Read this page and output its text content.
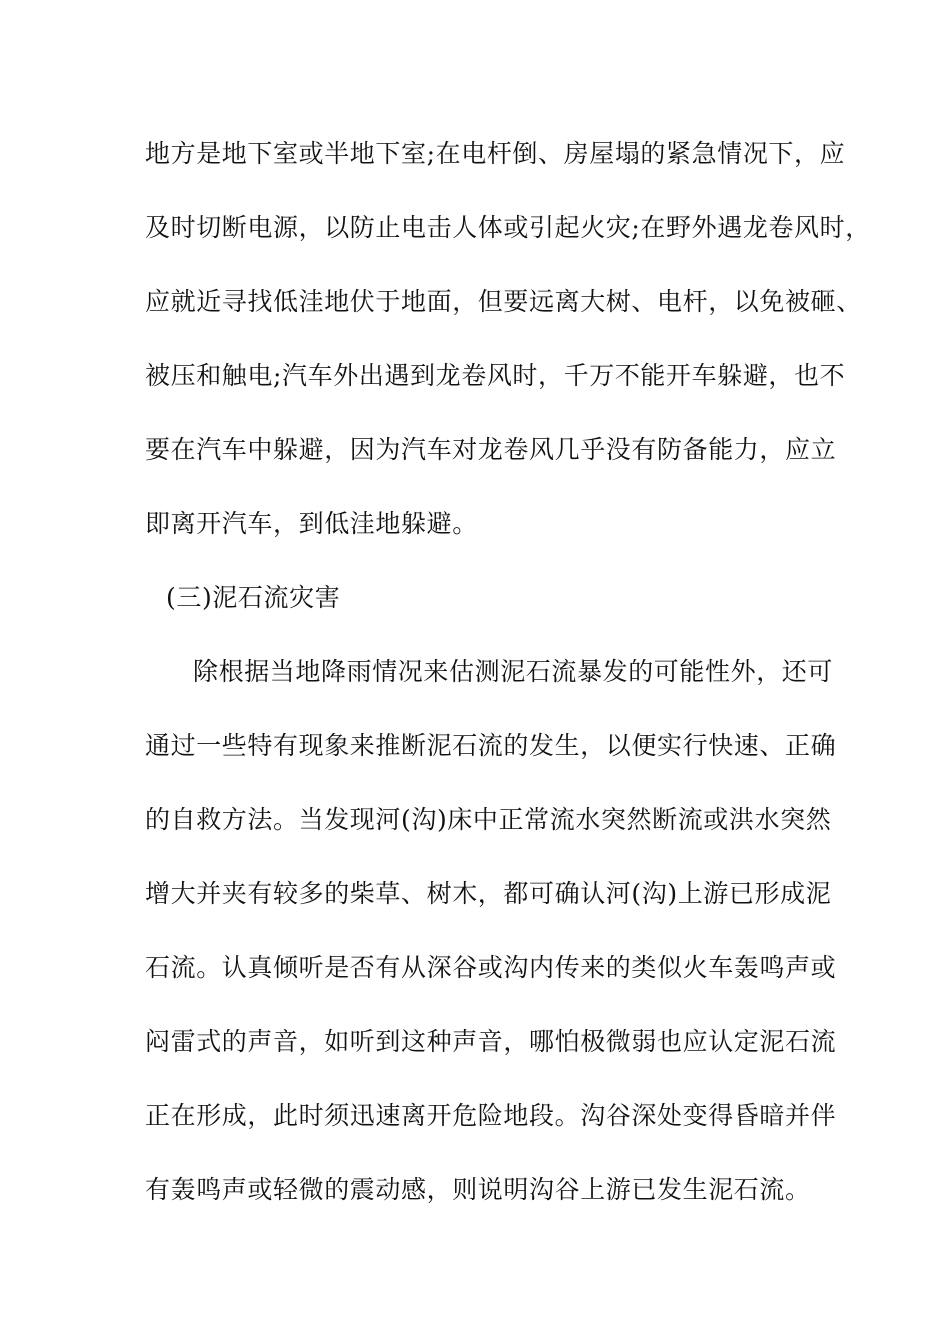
地方是地下室或半地下室;在电杆倒、房屋塌的紧急情况下，应
及时切断电源，以防止电击人体或引起火灾;在野外遇龙卷风时，
应就近寻找低洼地伏于地面，但要远离大树、电杆，以免被砸、
被压和触电;汽车外出遇到龙卷风时，千万不能开车躲避，也不
要在汽车中躲避，因为汽车对龙卷风几乎没有防备能力，应立
即离开汽车，到低洼地躲避。
(三)泥石流灾害
除根据当地降雨情况来估测泥石流暴发的可能性外，还可
通过一些特有现象来推断泥石流的发生，以便实行快速、正确
的自救方法。当发现河(沟)床中正常流水突然断流或洪水突然
增大并夹有较多的柴草、树木，都可确认河(沟)上游已形成泥
石流。认真倾听是否有从深谷或沟内传来的类似火车轰鸣声或
闷雷式的声音，如听到这种声音，哪怕极微弱也应认定泥石流
正在形成，此时须迅速离开危险地段。沟谷深处变得昏暗并伴
有轰鸣声或轻微的震动感，则说明沟谷上游已发生泥石流。
